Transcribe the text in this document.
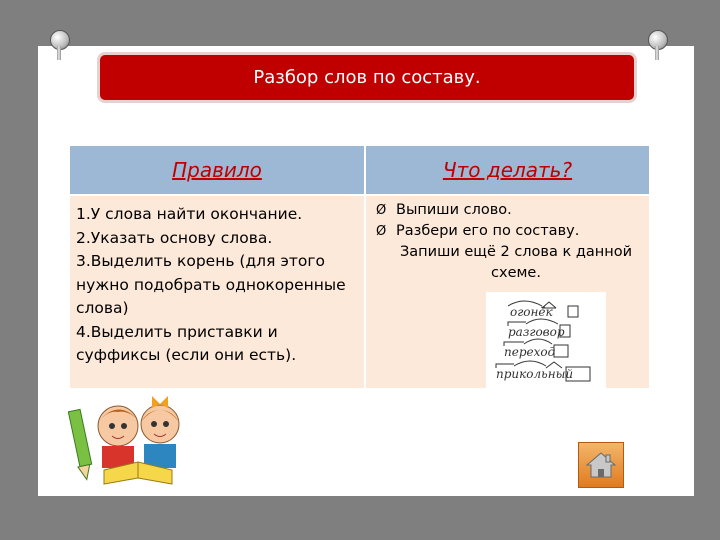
Разбор слов по составу.
Правило	Что делать?
1.У слова найти окончание.
2.Указать основу слова.
3.Выделить корень (для этого
нужно подобрать однокоренные
слова)
4.Выделить приставки и
суффиксы (если они есть).
Ø Выпиши слово.
Ø Разбери его по составу.
Запиши ещё 2 слова к данной схеме.
огонёк
разговор
переход
прикольный
